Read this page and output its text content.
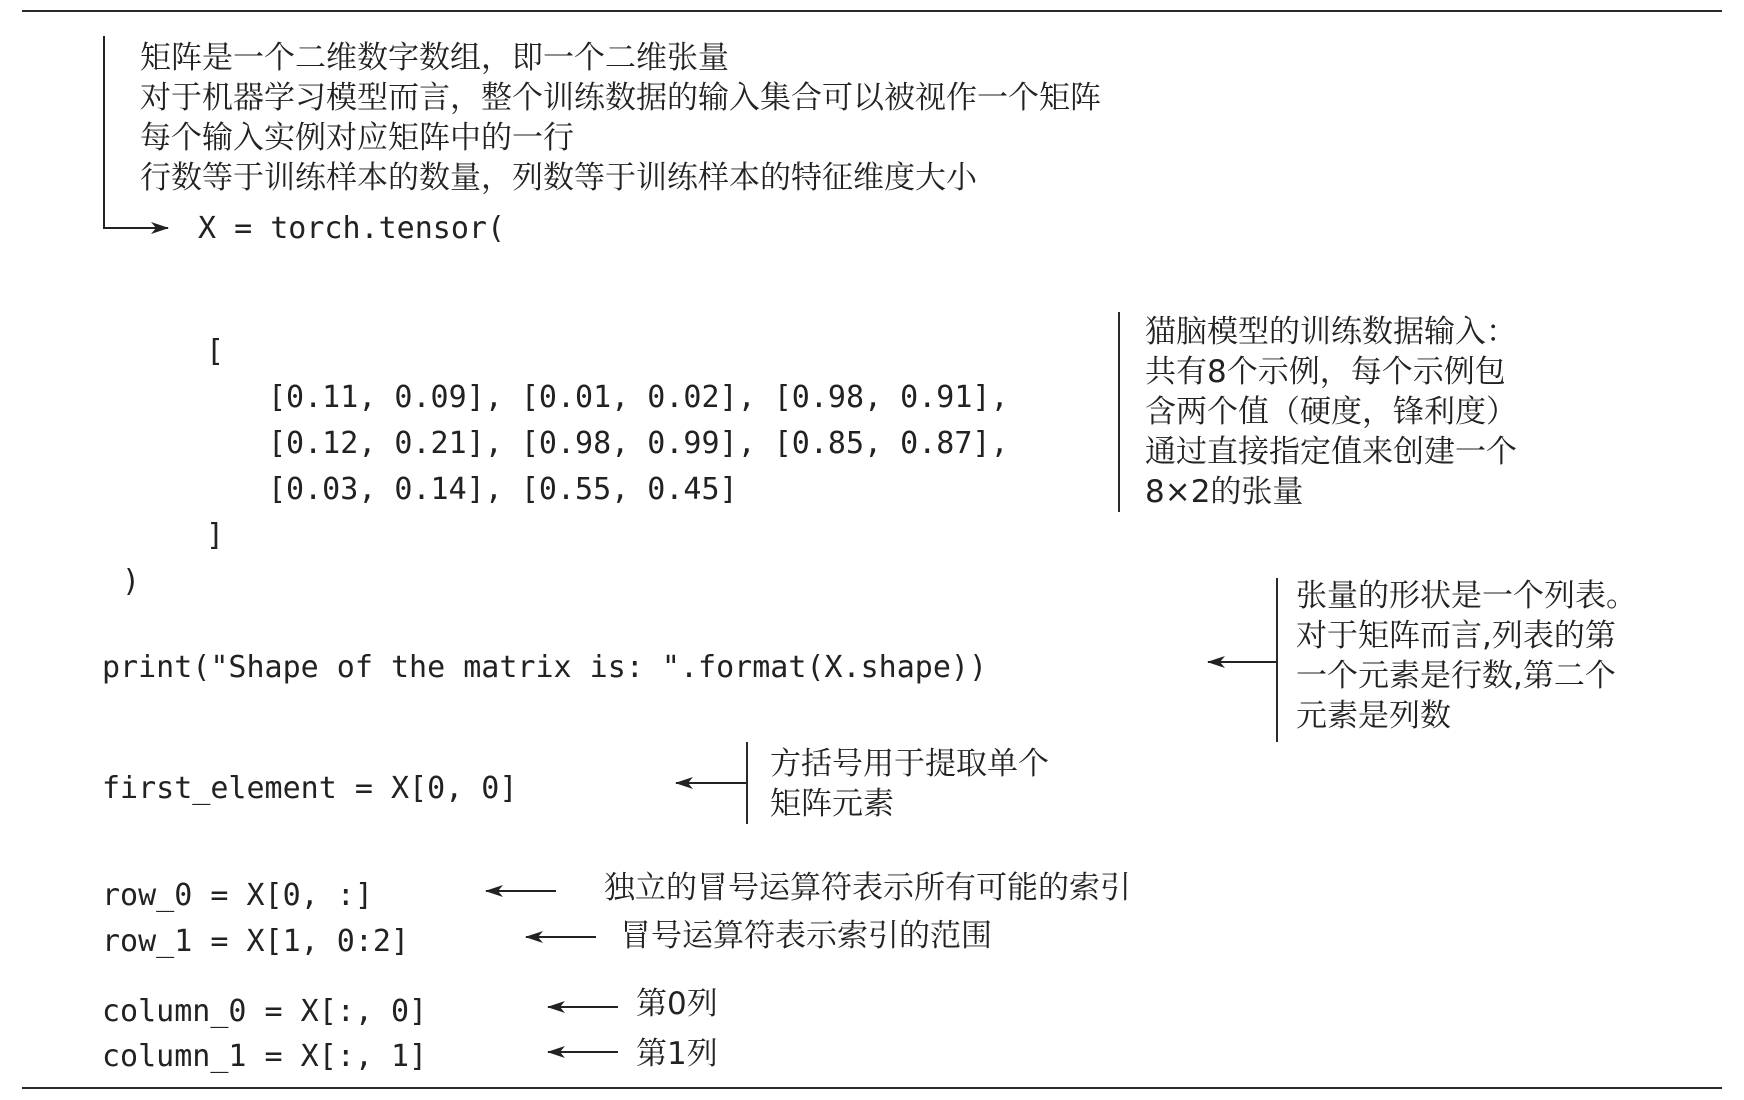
矩阵是一个二维数字数组，即一个二维张量
对于机器学习模型而言，整个训练数据的输入集合可以被视作一个矩阵
每个输入实例对应矩阵中的一行
行数等于训练样本的数量，列数等于训练样本的特征维度大小
X = torch.tensor(
[
[0.11, 0.09], [0.01, 0.02], [0.98, 0.91],
[0.12, 0.21], [0.98, 0.99], [0.85, 0.87],
[0.03, 0.14], [0.55, 0.45]
]
)
print("Shape of the matrix is: ".format(X.shape))
first_element = X[0, 0]
row_0 = X[0, :]
row_1 = X[1, 0:2]
column_0 = X[:, 0]
column_1 = X[:, 1]
猫脑模型的训练数据输入：
共有8个示例，每个示例包
含两个值（硬度，锋利度）
通过直接指定值来创建一个
8×2的张量
张量的形状是一个列表。
对于矩阵而言,列表的第
一个元素是行数,第二个
元素是列数
方括号用于提取单个
矩阵元素
独立的冒号运算符表示所有可能的索引
冒号运算符表示索引的范围
第0列
第1列
